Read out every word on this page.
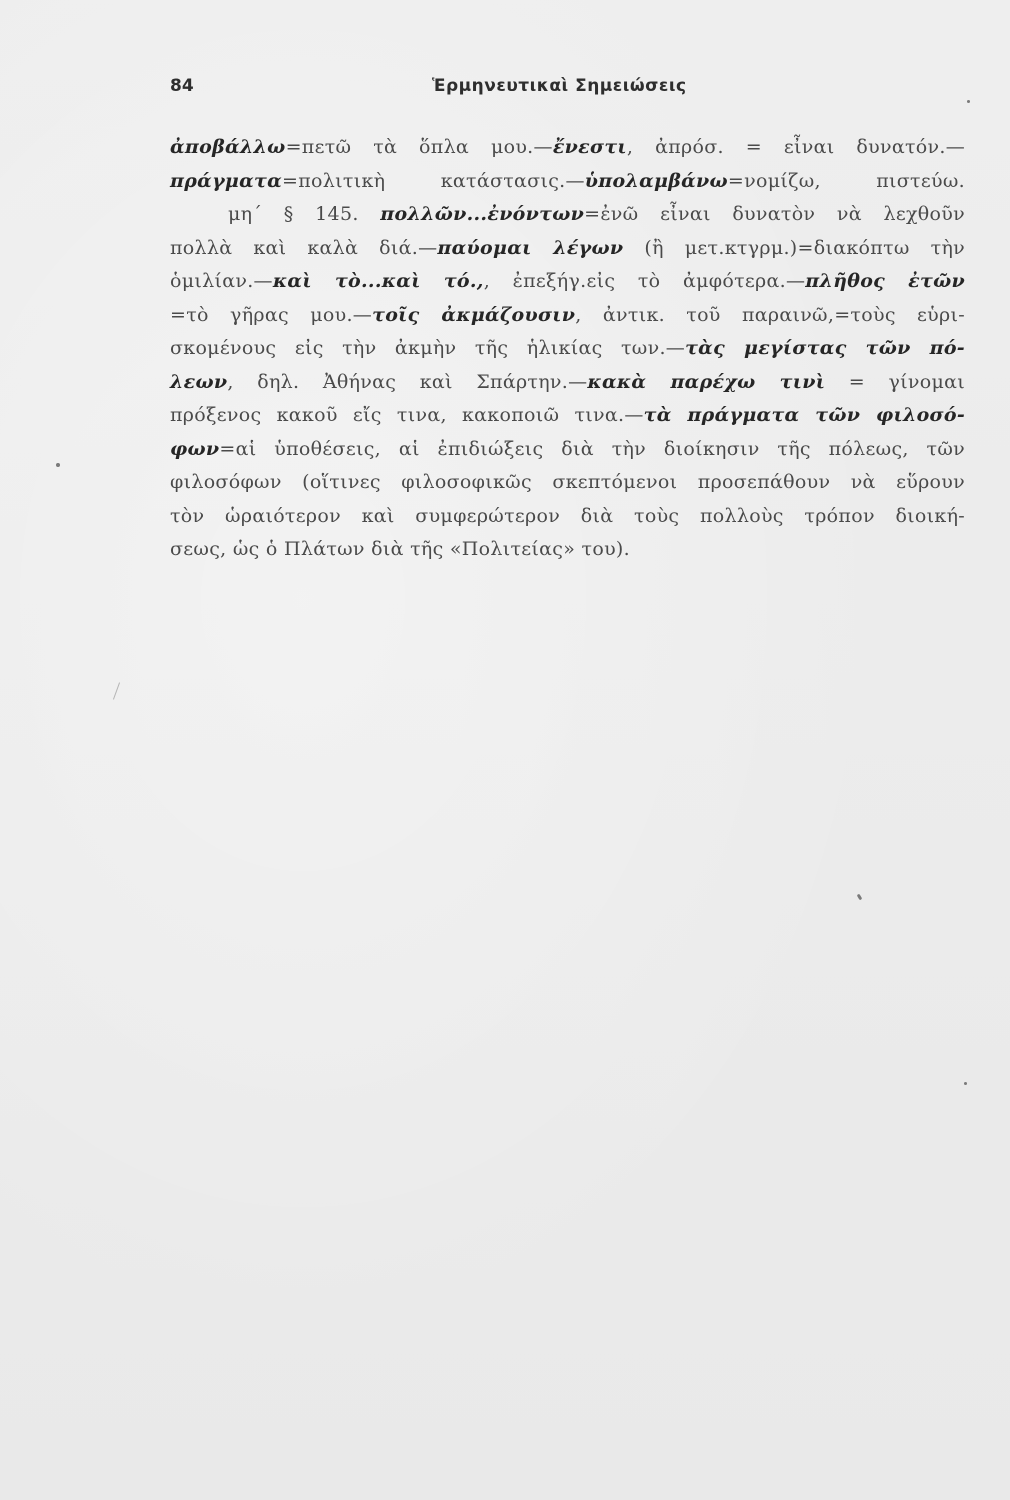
84	Ἑρμηνευτικαὶ Σημειώσεις
ἀποβάλλω=πετῶ τὰ ὅπλα μου.—ἔνεστι, ἀπρόσ. = εἶναι δυνατόν.—
πράγματα=πολιτικὴ κατάστασις.—ὑπολαμβάνω=νομίζω, πιστεύω.
μη´ § 145. πολλῶν...ἐνόντων=ἐνῶ εἶναι δυνατὸν νὰ λεχθοῦν
πολλὰ καὶ καλὰ διά.—παύομαι λέγων (ἢ μετ.κτγρμ.)=διακόπτω τὴν
ὁμιλίαν.—καὶ τὸ...καὶ τό.,, ἐπεξήγ.εἰς τὸ ἀμφότερα.—πλῆθος ἐτῶν
=τὸ γῆρας μου.—τοῖς ἀκμάζουσιν, ἀντικ. τοῦ παραινῶ,=τοὺς εὑρι-
σκομένους εἰς τὴν ἀκμὴν τῆς ἡλικίας των.—τὰς μεγίστας τῶν πό-
λεων, δηλ. Ἀθήνας καὶ Σπάρτην.—κακὰ παρέχω τινὶ = γίνομαι
πρόξενος κακοῦ εἴς τινα, κακοποιῶ τινα.—τὰ πράγματα τῶν φιλοσό-
φων=αἱ ὑποθέσεις, αἱ ἐπιδιώξεις διὰ τὴν διοίκησιν τῆς πόλεως, τῶν
φιλοσόφων (οἵτινες φιλοσοφικῶς σκεπτόμενοι προσεπάθουν νὰ εὕρουν
τὸν ὡραιότερον καὶ συμφερώτερον διὰ τοὺς πολλοὺς τρόπον διοική-
σεως, ὡς ὁ Πλάτων διὰ τῆς «Πολιτείας» του).
